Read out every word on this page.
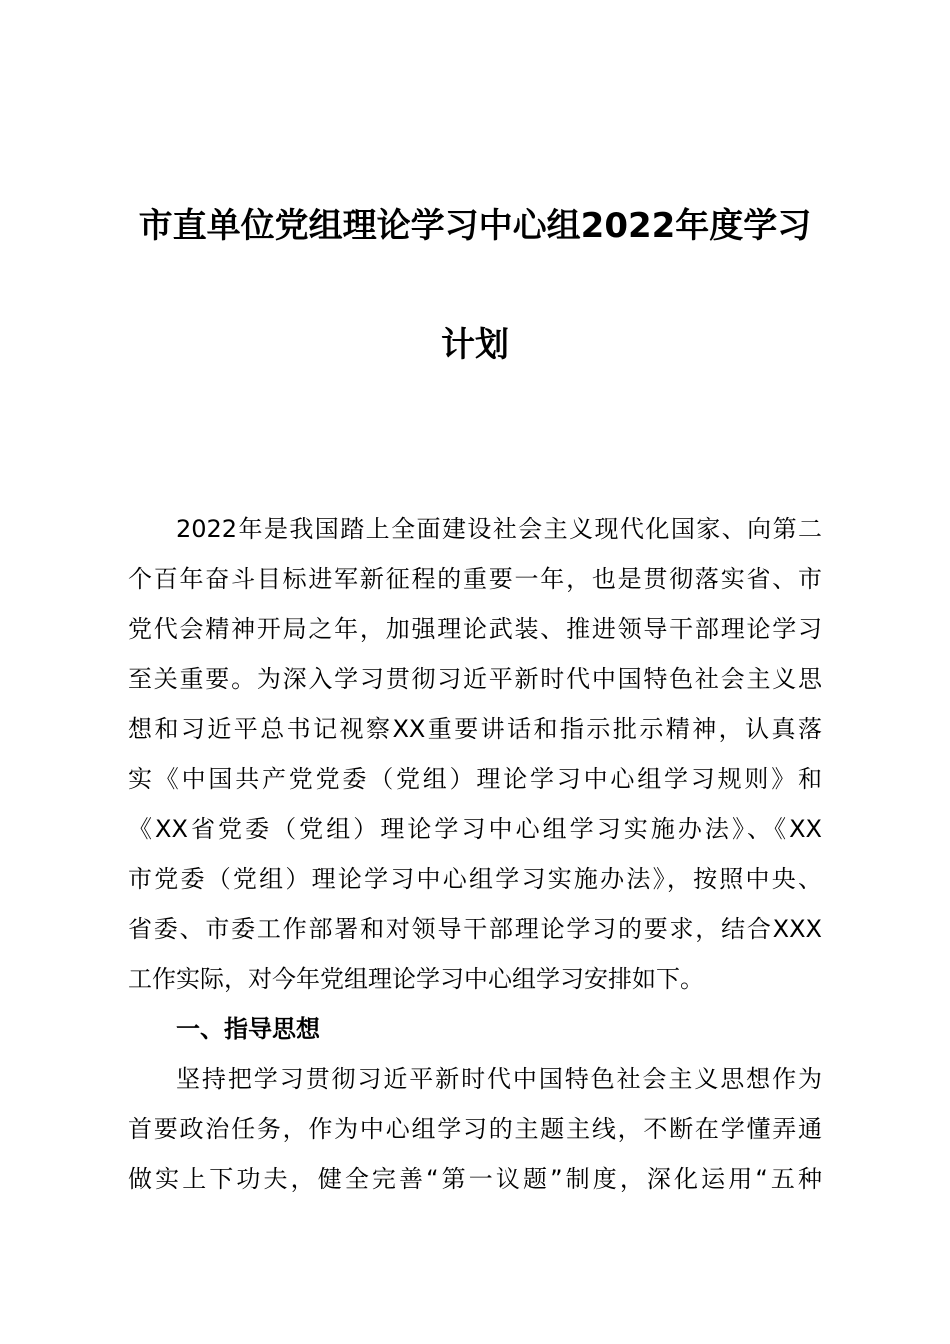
市直单位党组理论学习中心组2022年度学习
计划
2022年是我国踏上全面建设社会主义现代化国家、向第二
个百年奋斗目标进军新征程的重要一年，也是贯彻落实省、市
党代会精神开局之年，加强理论武装、推进领导干部理论学习
至关重要。为深入学习贯彻习近平新时代中国特色社会主义思
想和习近平总书记视察XX重要讲话和指示批示精神，认真落
实《中国共产党党委（党组）理论学习中心组学习规则》和
《XX省党委（党组）理论学习中心组学习实施办法》、《XX
市党委（党组）理论学习中心组学习实施办法》，按照中央、
省委、市委工作部署和对领导干部理论学习的要求，结合XXX
工作实际，对今年党组理论学习中心组学习安排如下。
一、指导思想
坚持把学习贯彻习近平新时代中国特色社会主义思想作为
首要政治任务，作为中心组学习的主题主线，不断在学懂弄通
做实上下功夫，健全完善“第一议题”制度，深化运用“五种
